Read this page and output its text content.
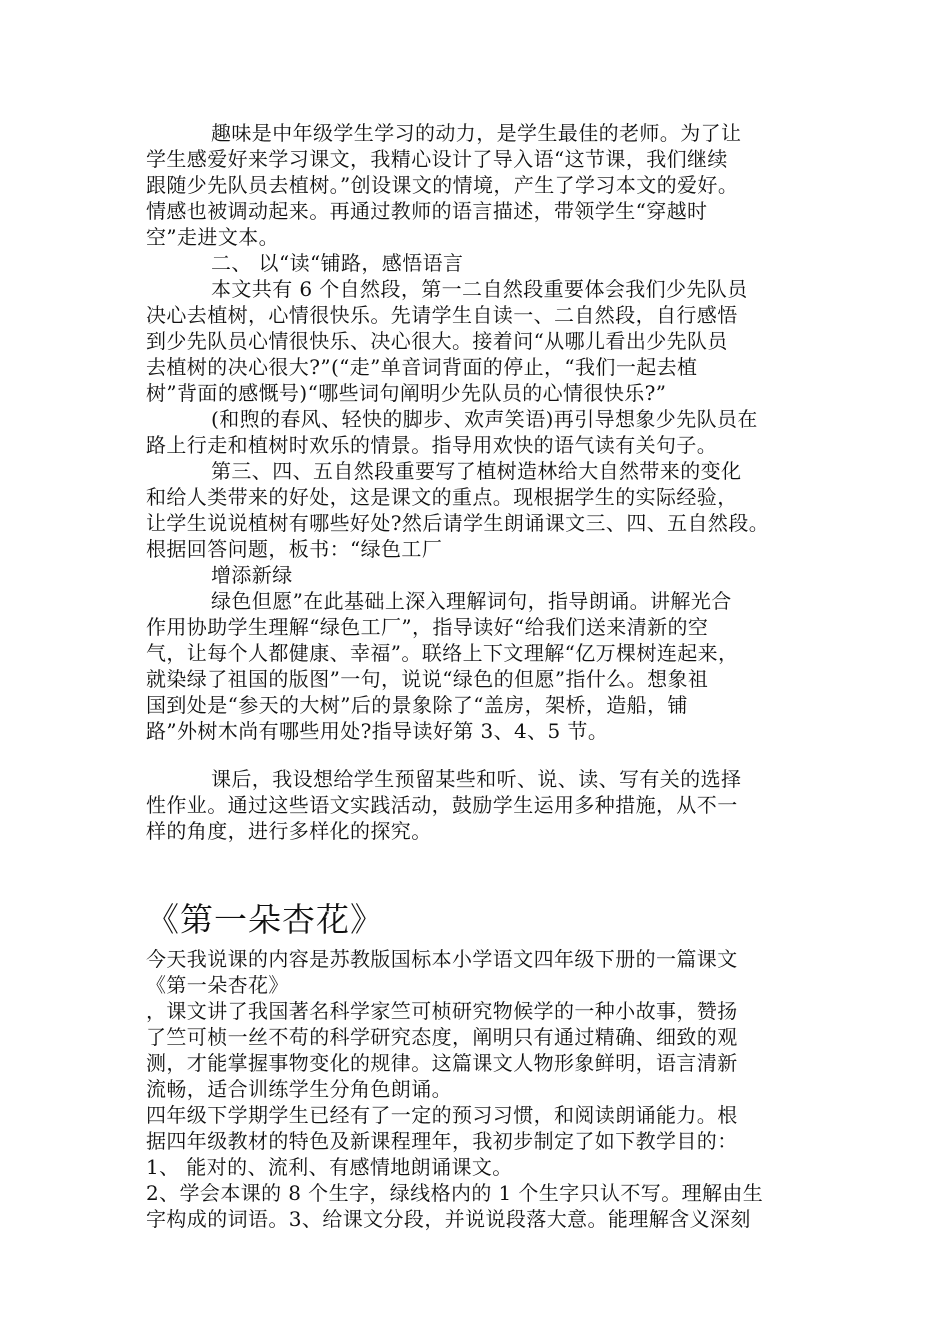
趣味是中年级学生学习的动力，是学生最佳的老师。为了让
学生感爱好来学习课文，我精心设计了导入语“这节课，我们继续
跟随少先队员去植树。”创设课文的情境，产生了学习本文的爱好。
情感也被调动起来。再通过教师的语言描述，带领学生“穿越时
空”走进文本。
二、 以“读“铺路，感悟语言
本文共有 6 个自然段，第一二自然段重要体会我们少先队员
决心去植树，心情很快乐。先请学生自读一、二自然段，自行感悟
到少先队员心情很快乐、决心很大。接着问“从哪儿看出少先队员
去植树的决心很大?”(“走”单音词背面的停止，“我们一起去植
树”背面的感慨号)“哪些词句阐明少先队员的心情很快乐?”
(和煦的春风、轻快的脚步、欢声笑语)再引导想象少先队员在
路上行走和植树时欢乐的情景。指导用欢快的语气读有关句子。
第三、四、五自然段重要写了植树造林给大自然带来的变化
和给人类带来的好处，这是课文的重点。现根据学生的实际经验，
让学生说说植树有哪些好处?然后请学生朗诵课文三、四、五自然段。
根据回答问题，板书：“绿色工厂
增添新绿
绿色但愿”在此基础上深入理解词句，指导朗诵。讲解光合
作用协助学生理解“绿色工厂”，指导读好“给我们送来清新的空
气，让每个人都健康、幸福”。联络上下文理解“亿万棵树连起来，
就染绿了祖国的版图”一句，说说“绿色的但愿”指什么。想象祖
国到处是“参天的大树”后的景象除了“盖房，架桥，造船，铺
路”外树木尚有哪些用处?指导读好第 3、4、5 节。
课后，我设想给学生预留某些和听、说、读、写有关的选择
性作业。通过这些语文实践活动，鼓励学生运用多种措施，从不一
样的角度，进行多样化的探究。
《第一朵杏花》
今天我说课的内容是苏教版国标本小学语文四年级下册的一篇课文
《第一朵杏花》
，课文讲了我国著名科学家竺可桢研究物候学的一种小故事，赞扬
了竺可桢一丝不苟的科学研究态度，阐明只有通过精确、细致的观
测，才能掌握事物变化的规律。这篇课文人物形象鲜明，语言清新
流畅，适合训练学生分角色朗诵。
四年级下学期学生已经有了一定的预习习惯，和阅读朗诵能力。根
据四年级教材的特色及新课程理年，我初步制定了如下教学目的：
1、 能对的、流利、有感情地朗诵课文。
2、学会本课的 8 个生字，绿线格内的 1 个生字只认不写。理解由生
字构成的词语。3、给课文分段，并说说段落大意。能理解含义深刻
